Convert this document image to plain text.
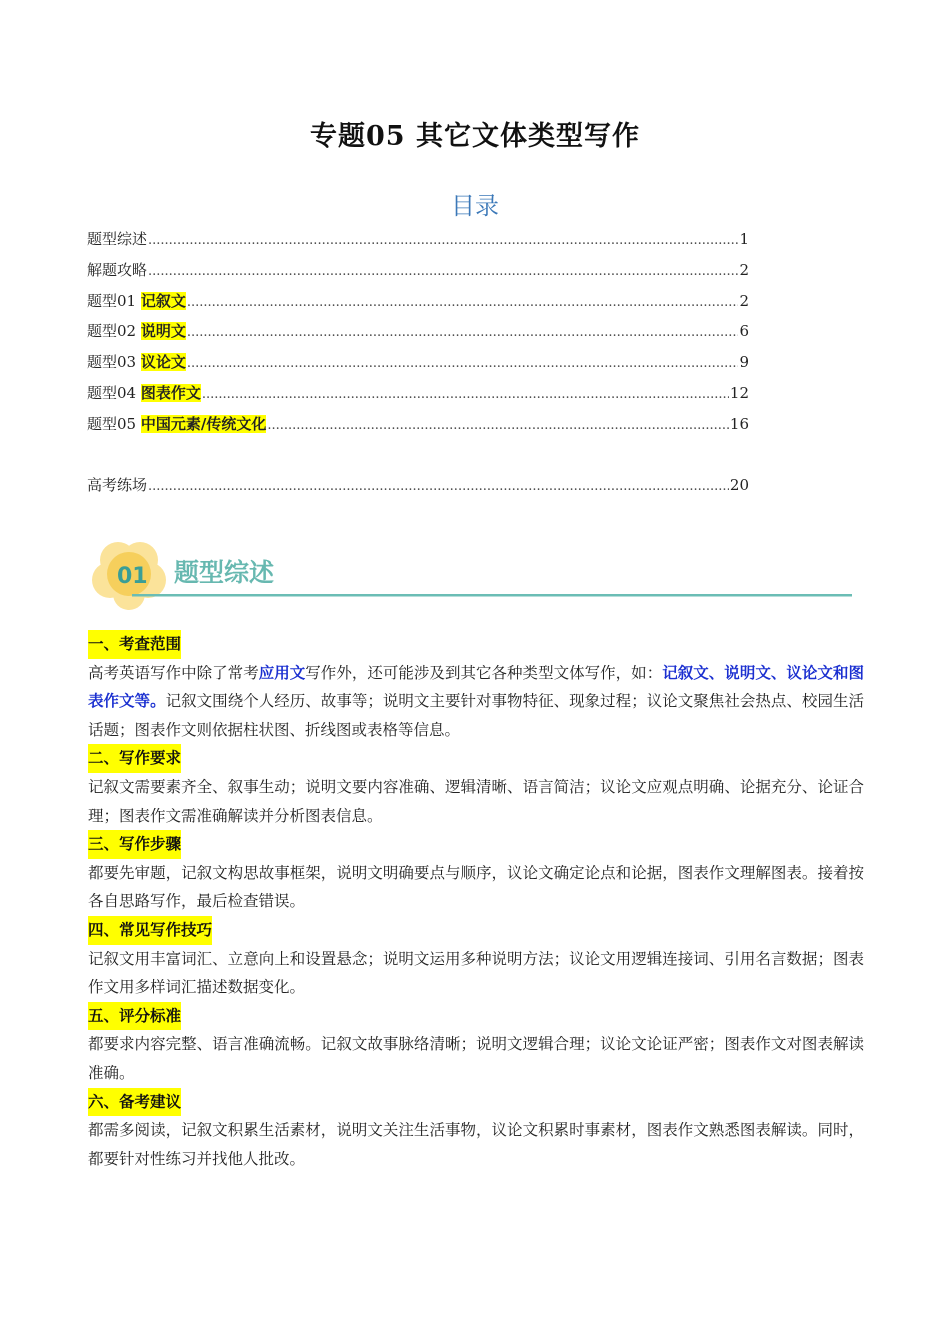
专题05 其它文体类型写作
目录
题型综述 .....	1
解题攻略 .....	2
题型01 记叙文 .....	2
题型02 说明文 .....	6
题型03 议论文 .....	9
题型04 图表作文 .....	12
题型05 中国元素/传统文化 .....	16
高考练场 .....	20
01 题型综述
一、考查范围
高考英语写作中除了常考应用文写作外，还可能涉及到其它各种类型文体写作，如：记叙文、说明文、议论文和图表作文等。记叙文围绕个人经历、故事等；说明文主要针对事物特征、现象过程；议论文聚焦社会热点、校园生活话题；图表作文则依据柱状图、折线图或表格等信息。
二、写作要求
记叙文需要素齐全、叙事生动；说明文要内容准确、逻辑清晰、语言简洁；议论文应观点明确、论据充分、论证合理；图表作文需准确解读并分析图表信息。
三、写作步骤
都要先审题，记叙文构思故事框架，说明文明确要点与顺序，议论文确定论点和论据，图表作文理解图表。接着按各自思路写作，最后检查错误。
四、常见写作技巧
记叙文用丰富词汇、立意向上和设置悬念；说明文运用多种说明方法；议论文用逻辑连接词、引用名言数据；图表作文用多样词汇描述数据变化。
五、评分标准
都要求内容完整、语言准确流畅。记叙文故事脉络清晰；说明文逻辑合理；议论文论证严密；图表作文对图表解读准确。
六、备考建议
都需多阅读，记叙文积累生活素材，说明文关注生活事物，议论文积累时事素材，图表作文熟悉图表解读。同时，都要针对性练习并找他人批改。
